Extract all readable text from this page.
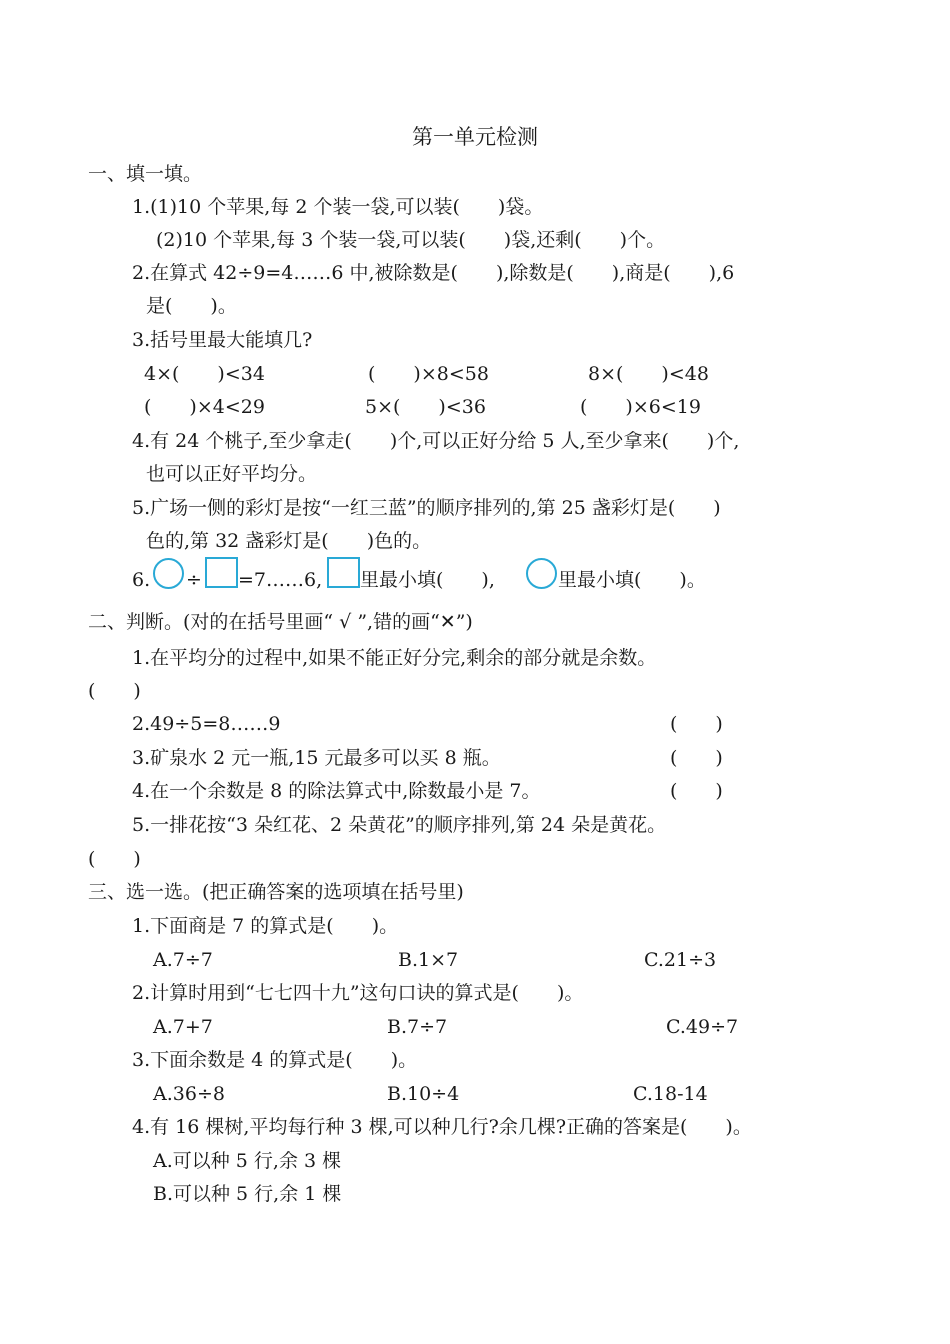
第一单元检测
一、填一填。
1.(1)10 个苹果,每 2 个装一袋,可以装(　　)袋。
(2)10 个苹果,每 3 个装一袋,可以装(　　)袋,还剩(　　)个。
2.在算式 42÷9=4……6 中,被除数是(　　),除数是(　　),商是(　　),6
是(　　)。
3.括号里最大能填几?
4×(　　)<34	(　　)×8<58	8×(　　)<48
(　　)×4<29	5×(　　)<36	(　　)×6<19
4.有 24 个桃子,至少拿走(　　)个,可以正好分给 5 人,至少拿来(　　)个,
也可以正好平均分。
5.广场一侧的彩灯是按“一红三蓝”的顺序排列的,第 25 盏彩灯是(　　)
色的,第 32 盏彩灯是(　　)色的。
6. ÷ =7……6, 里最小填(　　),	里最小填(　　)。
二、判断。(对的在括号里画“ √ ”,错的画“✕”)
1.在平均分的过程中,如果不能正好分完,剩余的部分就是余数。
(　　)
2.49÷5=8……9	(　　)
3.矿泉水 2 元一瓶,15 元最多可以买 8 瓶。	(　　)
4.在一个余数是 8 的除法算式中,除数最小是 7。	(　　)
5.一排花按“3 朵红花、2 朵黄花”的顺序排列,第 24 朵是黄花。
(　　)
三、选一选。(把正确答案的选项填在括号里)
1.下面商是 7 的算式是(　　)。
A.7÷7	B.1×7	C.21÷3
2.计算时用到“七七四十九”这句口诀的算式是(　　)。
A.7+7	B.7÷7	C.49÷7
3.下面余数是 4 的算式是(　　)。
A.36÷8	B.10÷4	C.18-14
4.有 16 棵树,平均每行种 3 棵,可以种几行?余几棵?正确的答案是(　　)。
A.可以种 5 行,余 3 棵
B.可以种 5 行,余 1 棵
